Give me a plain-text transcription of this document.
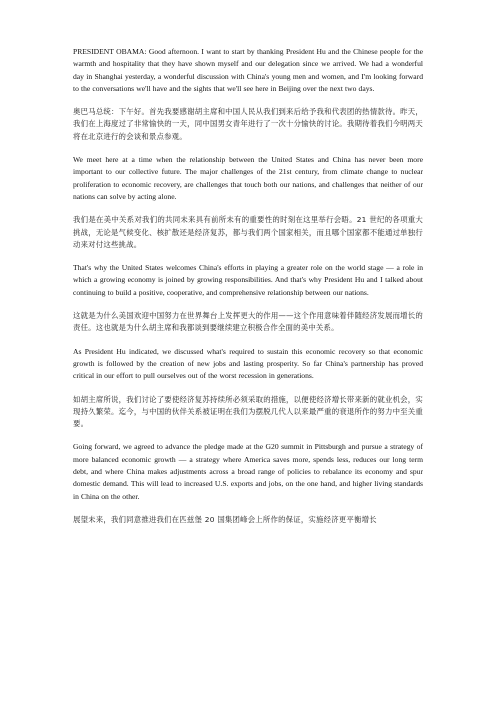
PRESIDENT OBAMA: Good afternoon. I want to start by thanking President Hu and the Chinese people for the warmth and hospitality that they have shown myself and our delegation since we arrived. We had a wonderful day in Shanghai yesterday, a wonderful discussion with China's young men and women, and I'm looking forward to the conversations we'll have and the sights that we'll see here in Beijing over the next two days.

奥巴马总统：下午好。首先我要感谢胡主席和中国人民从我们到来后给予我和代表团的热情款待。昨天，我们在上海度过了非常愉快的一天，同中国男女青年进行了一次十分愉快的讨论。我期待着我们今明两天将在北京进行的会谈和景点参观。

We meet here at a time when the relationship between the United States and China has never been more important to our collective future. The major challenges of the 21st century, from climate change to nuclear proliferation to economic recovery, are challenges that touch both our nations, and challenges that neither of our nations can solve by acting alone.

我们是在美中关系对我们的共同未来具有前所未有的重要性的时刻在这里举行会晤。21 世纪的各项重大挑战，无论是气候变化、核扩散还是经济复苏，都与我们两个国家相关，而且哪个国家都不能通过单独行动来对付这些挑战。

That's why the United States welcomes China's efforts in playing a greater role on the world stage — a role in which a growing economy is joined by growing responsibilities. And that's why President Hu and I talked about continuing to build a positive, cooperative, and comprehensive relationship between our nations.

这就是为什么美国欢迎中国努力在世界舞台上发挥更大的作用——这个作用意味着伴随经济发展而增长的责任。这也就是为什么胡主席和我都谈到要继续建立积极合作全面的美中关系。

As President Hu indicated, we discussed what's required to sustain this economic recovery so that economic growth is followed by the creation of new jobs and lasting prosperity. So far China's partnership has proved critical in our effort to pull ourselves out of the worst recession in generations.

如胡主席所说，我们讨论了要使经济复苏持续所必须采取的措施，以便使经济增长带来新的就业机会，实现持久繁荣。迄今，与中国的伙伴关系被证明在我们为摆脱几代人以来最严重的衰退所作的努力中至关重要。

Going forward, we agreed to advance the pledge made at the G20 summit in Pittsburgh and pursue a strategy of more balanced economic growth — a strategy where America saves more, spends less, reduces our long term debt, and where China makes adjustments across a broad range of policies to rebalance its economy and spur domestic demand. This will lead to increased U.S. exports and jobs, on the one hand, and higher living standards in China on the other.

展望未来，我们同意推进我们在匹兹堡 20 国集团峰会上所作的保证，实施经济更平衡增长
